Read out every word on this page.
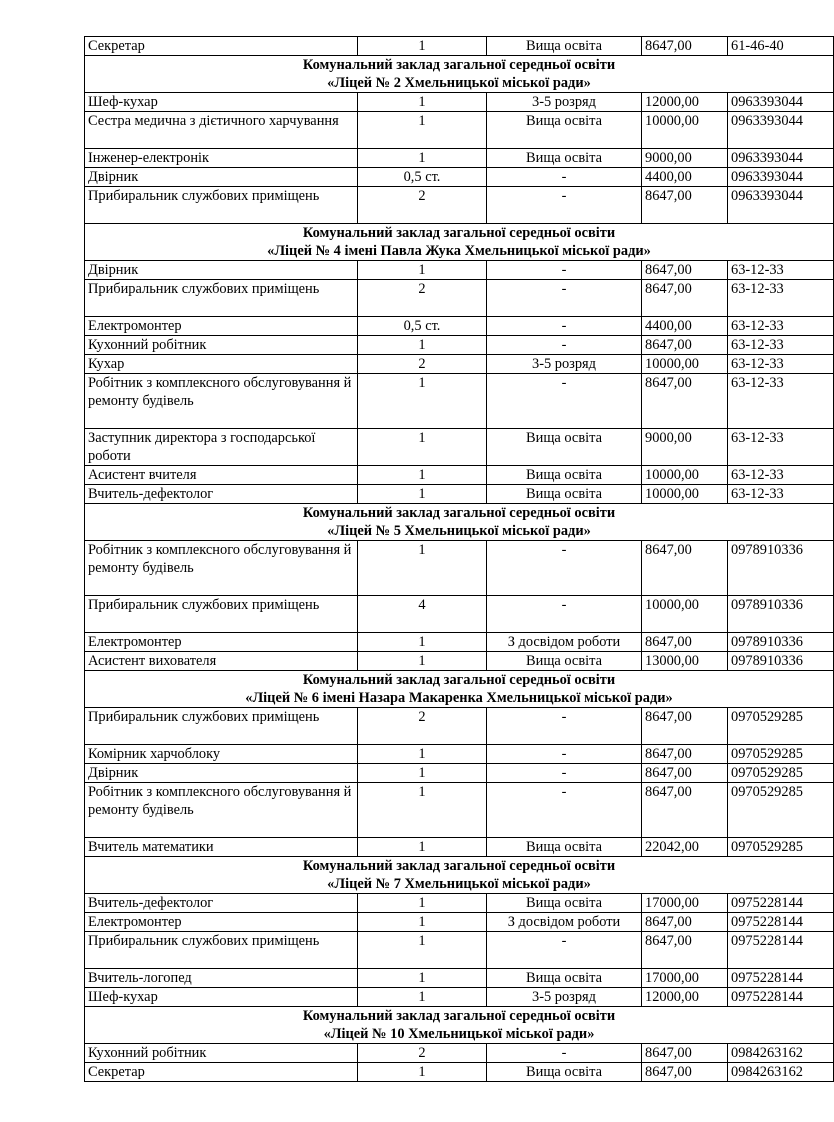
Секретар	1	Вища освіта	8647,00	61-46-40

Комунальний заклад загальної середньої освіти
«Ліцей № 2 Хмельницької міської ради»				

Шеф-кухар	1	3-5 розряд	12000,00	0963393044
Сестра медична з дієтичного харчування	1	Вища освіта	10000,00	0963393044
Інженер-електронік	1	Вища освіта	9000,00	0963393044
Двірник	0,5 ст.	-	4400,00	0963393044
Прибиральник службових приміщень	2	-	8647,00	0963393044

Комунальний заклад загальної середньої освіти
«Ліцей № 4 імені Павла Жука Хмельницької міської ради»				

Двірник	1	-	8647,00	63-12-33
Прибиральник службових приміщень	2	-	8647,00	63-12-33
Електромонтер	0,5 ст.	-	4400,00	63-12-33
Кухонний робітник	1	-	8647,00	63-12-33
Кухар	2	3-5 розряд	10000,00	63-12-33
Робітник з комплексного обслуговування й ремонту будівель	1	-	8647,00	63-12-33
Заступник директора з господарської роботи	1	Вища освіта	9000,00	63-12-33
Асистент вчителя	1	Вища освіта	10000,00	63-12-33
Вчитель-дефектолог	1	Вища освіта	10000,00	63-12-33

Комунальний заклад загальної середньої освіти
«Ліцей № 5 Хмельницької міської ради»				

Робітник з комплексного обслуговування й ремонту будівель	1	-	8647,00	0978910336
Прибиральник службових приміщень	4	-	10000,00	0978910336
Електромонтер	1	З досвідом роботи	8647,00	0978910336
Асистент вихователя	1	Вища освіта	13000,00	0978910336

Комунальний заклад загальної середньої освіти
«Ліцей № 6 імені Назара Макаренка Хмельницької міської ради»				

Прибиральник службових приміщень	2	-	8647,00	0970529285
Комірник харчоблоку	1	-	8647,00	0970529285
Двірник	1	-	8647,00	0970529285
Робітник з комплексного обслуговування й ремонту будівель	1	-	8647,00	0970529285
Вчитель математики	1	Вища освіта	22042,00	0970529285

Комунальний заклад загальної середньої освіти
«Ліцей № 7 Хмельницької міської ради»				

Вчитель-дефектолог	1	Вища освіта	17000,00	0975228144
Електромонтер	1	З досвідом роботи	8647,00	0975228144
Прибиральник службових приміщень	1	-	8647,00	0975228144
Вчитель-логопед	1	Вища освіта	17000,00	0975228144
Шеф-кухар	1	3-5 розряд	12000,00	0975228144

Комунальний заклад загальної середньої освіти
«Ліцей № 10 Хмельницької міської ради»				

Кухонний робітник	2	-	8647,00	0984263162
Секретар	1	Вища освіта	8647,00	0984263162
